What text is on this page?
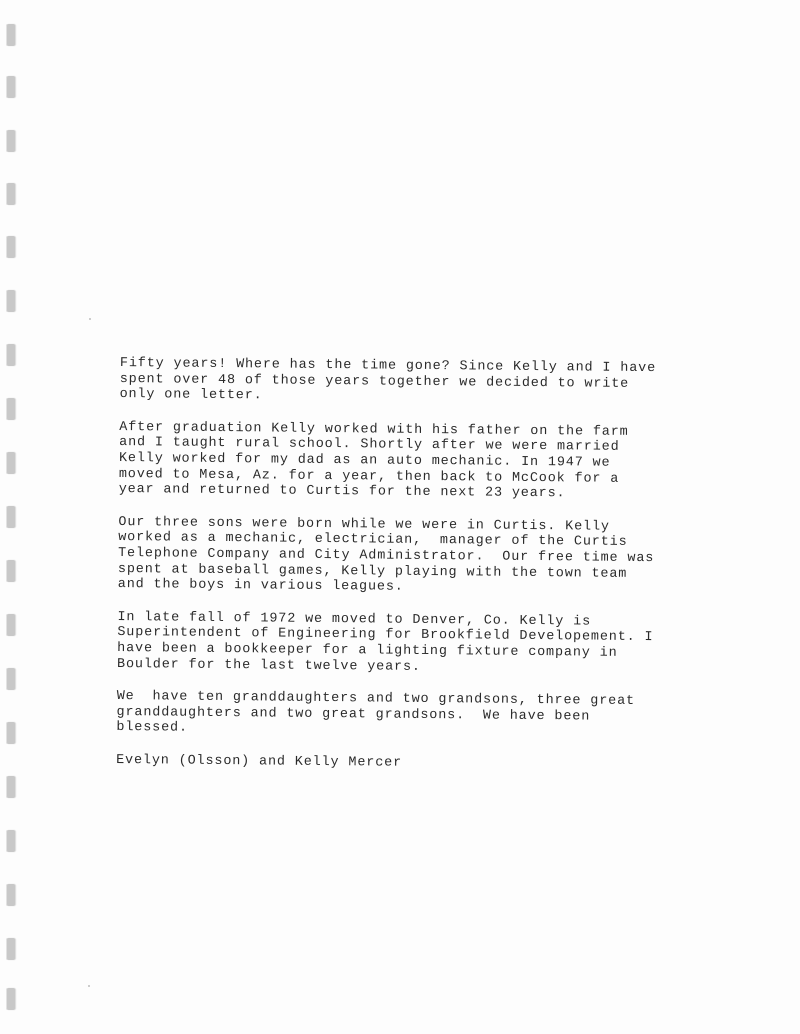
Fifty years! Where has the time gone? Since Kelly and I have
spent over 48 of those years together we decided to write
only one letter.

After graduation Kelly worked with his father on the farm
and I taught rural school. Shortly after we were married
Kelly worked for my dad as an auto mechanic. In 1947 we
moved to Mesa, Az. for a year, then back to McCook for a
year and returned to Curtis for the next 23 years.

Our three sons were born while we were in Curtis. Kelly
worked as a mechanic, electrician,  manager of the Curtis
Telephone Company and City Administrator.  Our free time was
spent at baseball games, Kelly playing with the town team
and the boys in various leagues.

In late fall of 1972 we moved to Denver, Co. Kelly is
Superintendent of Engineering for Brookfield Developement. I
have been a bookkeeper for a lighting fixture company in
Boulder for the last twelve years.

We  have ten granddaughters and two grandsons, three great
granddaughters and two great grandsons.  We have been
blessed.

Evelyn (Olsson) and Kelly Mercer
